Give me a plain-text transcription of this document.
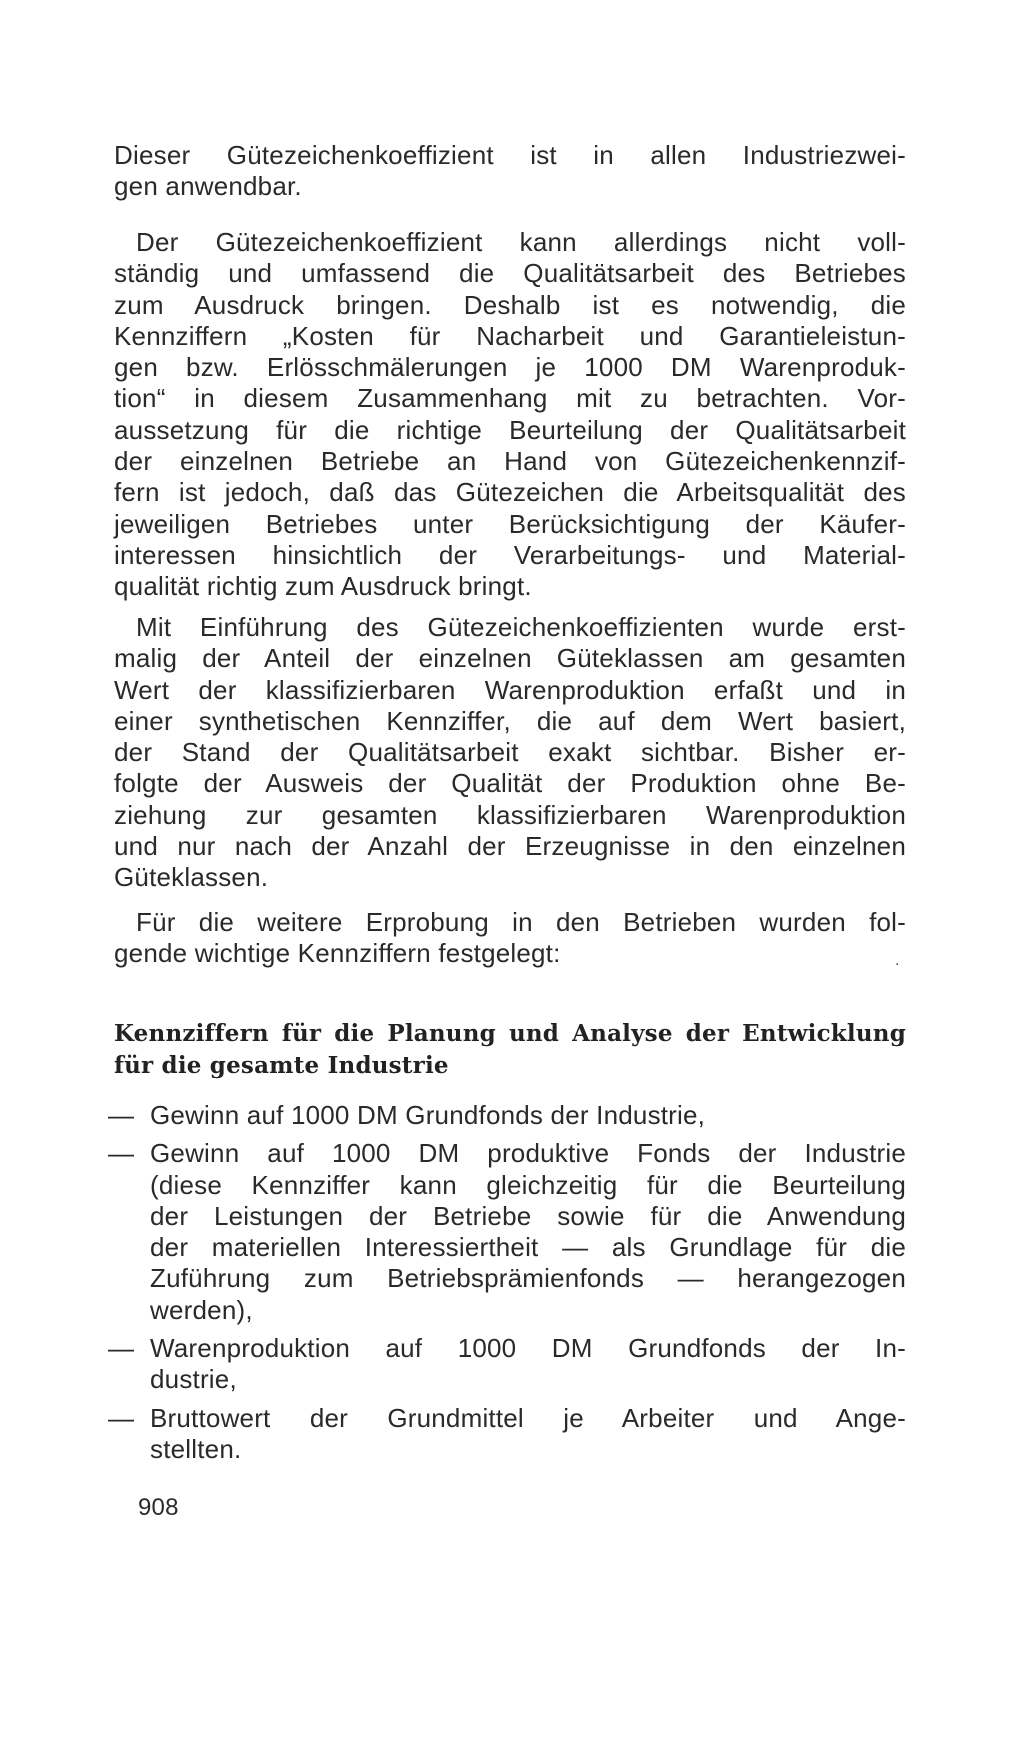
Dieser Gütezeichenkoeffizient ist in allen Industriezwei-
gen anwendbar.
Der Gütezeichenkoeffizient kann allerdings nicht voll-
ständig und umfassend die Qualitätsarbeit des Betriebes
zum Ausdruck bringen. Deshalb ist es notwendig, die
Kennziffern „Kosten für Nacharbeit und Garantieleistun-
gen bzw. Erlösschmälerungen je 1000 DM Warenproduk-
tion“ in diesem Zusammenhang mit zu betrachten. Vor-
aussetzung für die richtige Beurteilung der Qualitätsarbeit
der einzelnen Betriebe an Hand von Gütezeichenkennzif-
fern ist jedoch, daß das Gütezeichen die Arbeitsqualität des
jeweiligen Betriebes unter Berücksichtigung der Käufer-
interessen hinsichtlich der Verarbeitungs- und Material-
qualität richtig zum Ausdruck bringt.
Mit Einführung des Gütezeichenkoeffizienten wurde erst-
malig der Anteil der einzelnen Güteklassen am gesamten
Wert der klassifizierbaren Warenproduktion erfaßt und in
einer synthetischen Kennziffer, die auf dem Wert basiert,
der Stand der Qualitätsarbeit exakt sichtbar. Bisher er-
folgte der Ausweis der Qualität der Produktion ohne Be-
ziehung zur gesamten klassifizierbaren Warenproduktion
und nur nach der Anzahl der Erzeugnisse in den einzelnen
Güteklassen.
Für die weitere Erprobung in den Betrieben wurden fol-
gende wichtige Kennziffern festgelegt:	.
Kennziffern für die Planung und Analyse der Entwicklung
für die gesamte Industrie
— Gewinn auf 1000 DM Grundfonds der Industrie,
— Gewinn auf 1000 DM produktive Fonds der Industrie
(diese Kennziffer kann gleichzeitig für die Beurteilung
der Leistungen der Betriebe sowie für die Anwendung
der materiellen Interessiertheit — als Grundlage für die
Zuführung zum Betriebsprämienfonds — herangezogen
werden),
— Warenproduktion auf 1000 DM Grundfonds der In-
dustrie,
— Bruttowert der Grundmittel je Arbeiter und Ange-
stellten.
908
